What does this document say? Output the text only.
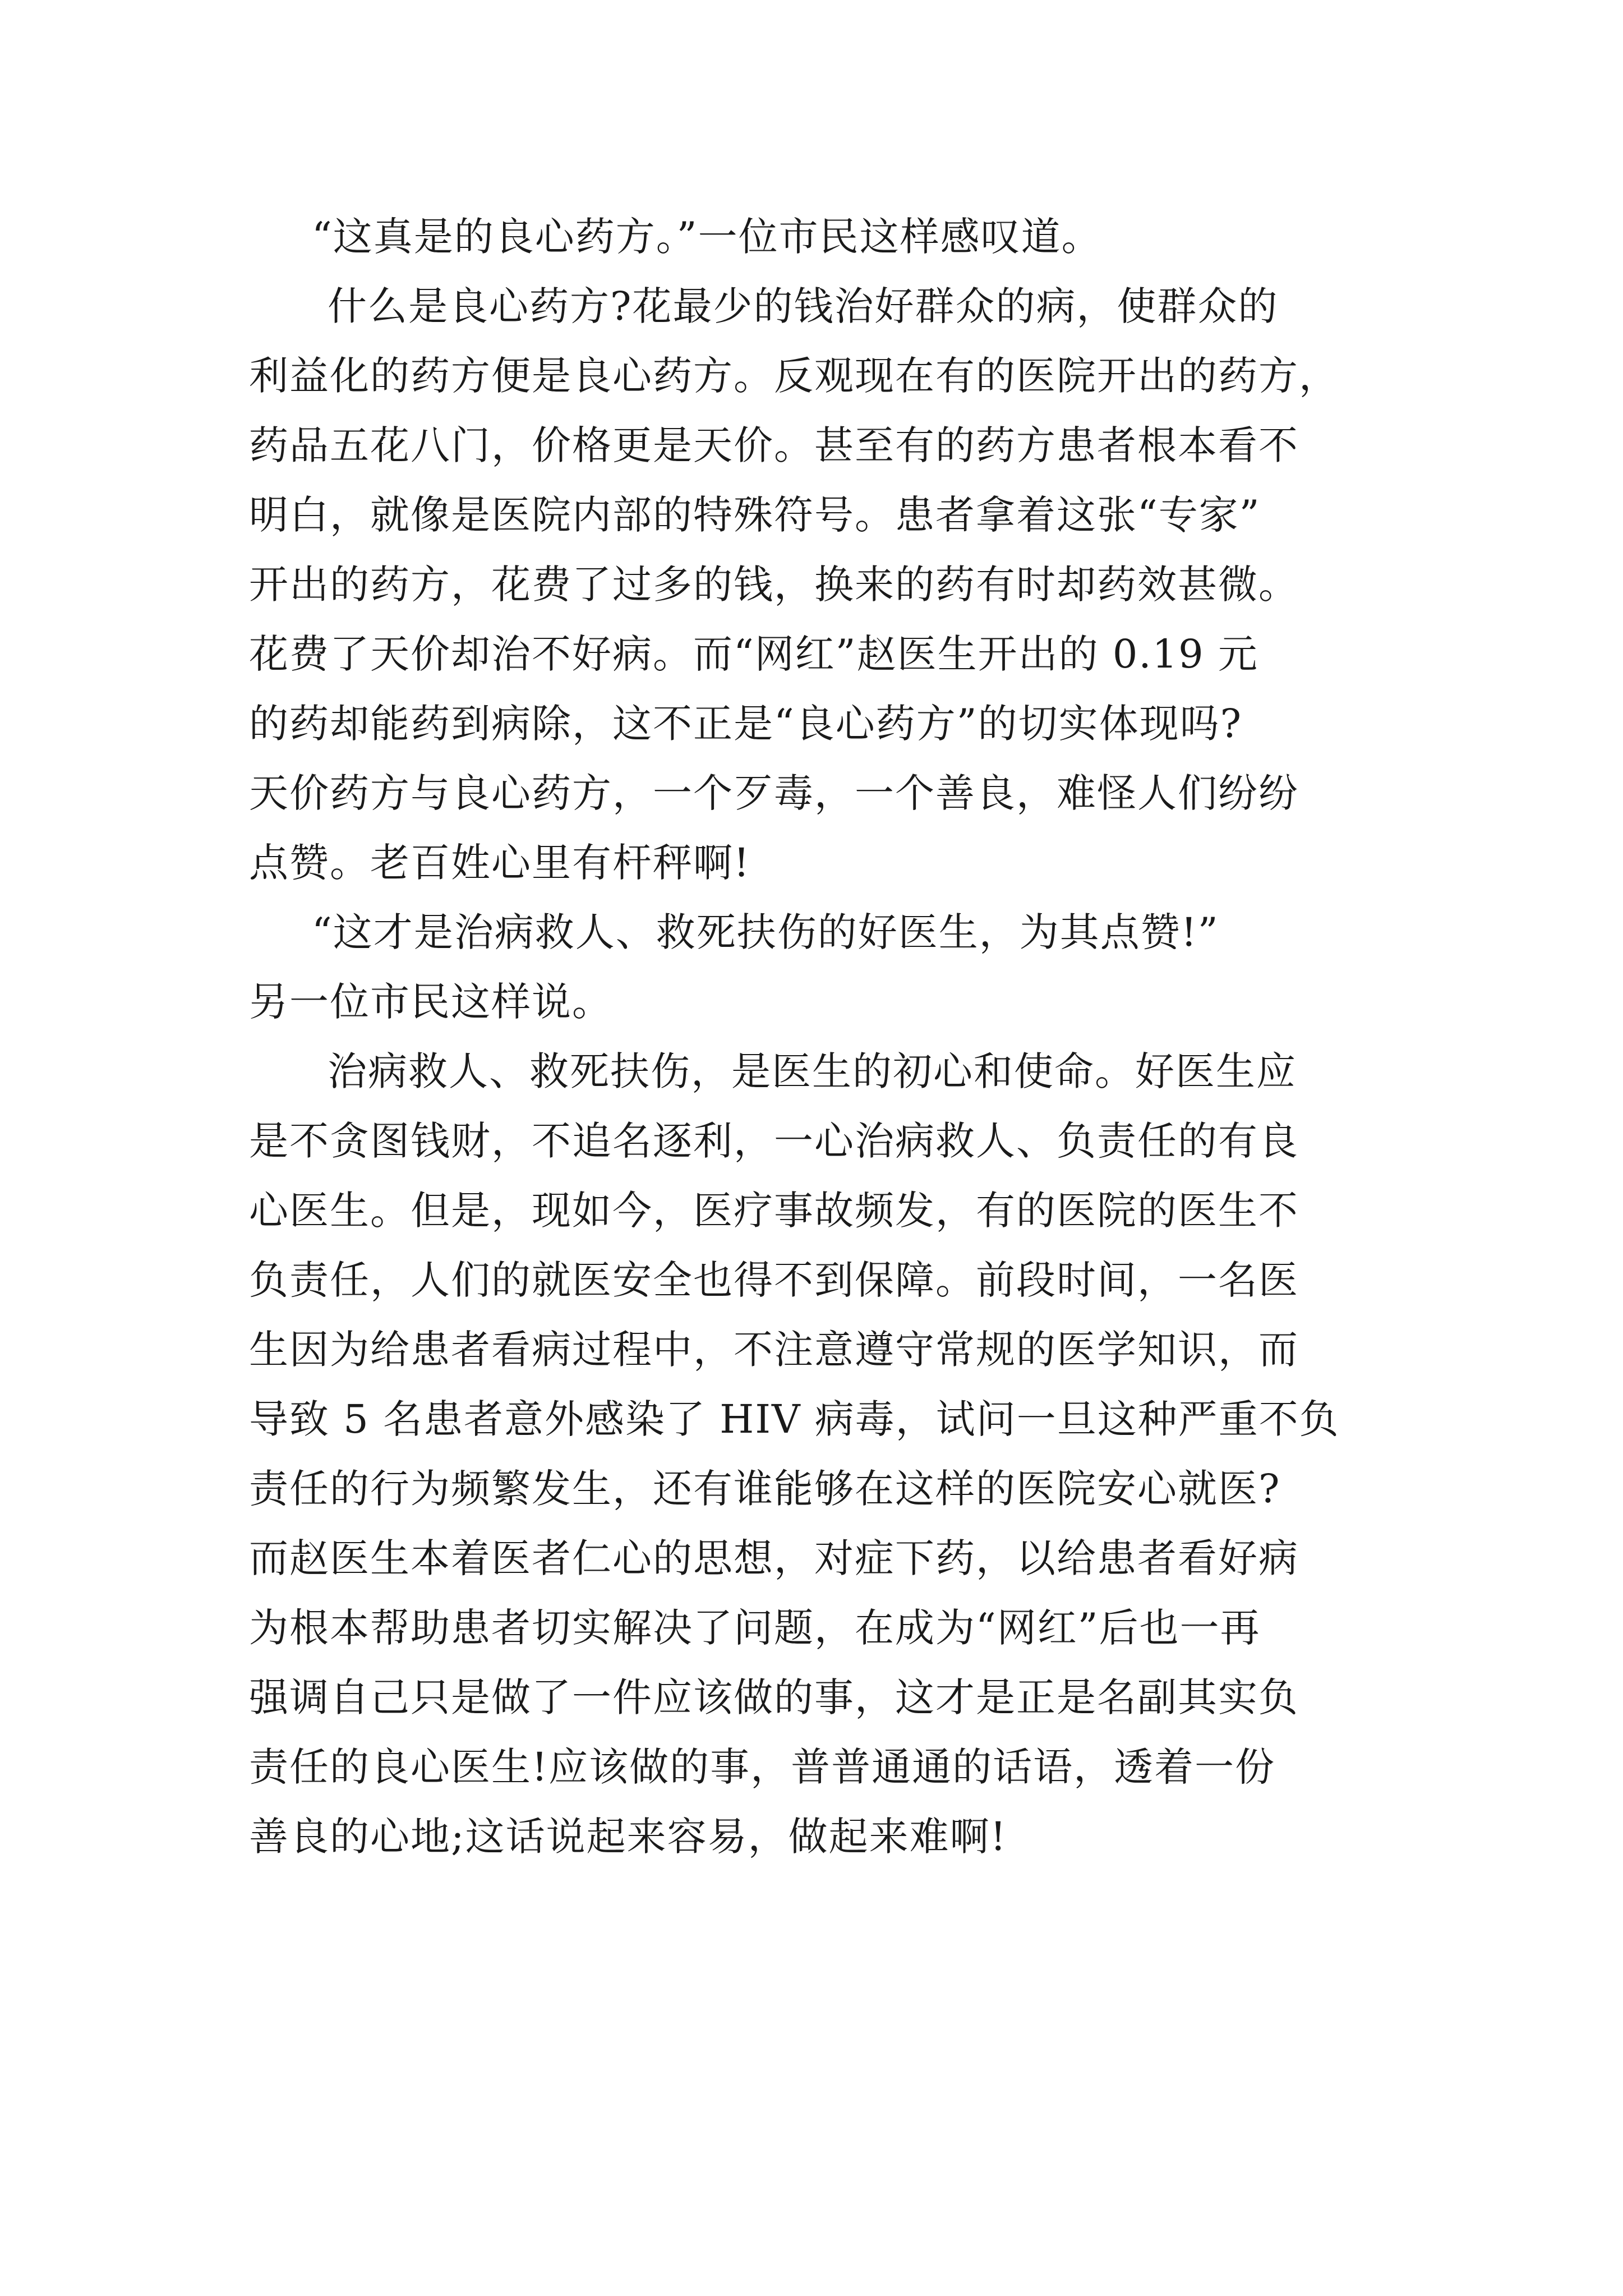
“这真是的良心药方。”一位市民这样感叹道。
什么是良心药方?花最少的钱治好群众的病，使群众的
利益化的药方便是良心药方。反观现在有的医院开出的药方，
药品五花八门，价格更是天价。甚至有的药方患者根本看不
明白，就像是医院内部的特殊符号。患者拿着这张“专家”
开出的药方，花费了过多的钱，换来的药有时却药效甚微。
花费了天价却治不好病。而“网红”赵医生开出的 0.19 元
的药却能药到病除，这不正是“良心药方”的切实体现吗?
天价药方与良心药方，一个歹毒，一个善良，难怪人们纷纷
点赞。老百姓心里有杆秤啊!
“这才是治病救人、救死扶伤的好医生，为其点赞!”
另一位市民这样说。
治病救人、救死扶伤，是医生的初心和使命。好医生应
是不贪图钱财，不追名逐利，一心治病救人、负责任的有良
心医生。但是，现如今，医疗事故频发，有的医院的医生不
负责任，人们的就医安全也得不到保障。前段时间，一名医
生因为给患者看病过程中，不注意遵守常规的医学知识，而
导致 5 名患者意外感染了 HIV 病毒，试问一旦这种严重不负
责任的行为频繁发生，还有谁能够在这样的医院安心就医?
而赵医生本着医者仁心的思想，对症下药，以给患者看好病
为根本帮助患者切实解决了问题，在成为“网红”后也一再
强调自己只是做了一件应该做的事，这才是正是名副其实负
责任的良心医生!应该做的事，普普通通的话语，透着一份
善良的心地;这话说起来容易，做起来难啊!
